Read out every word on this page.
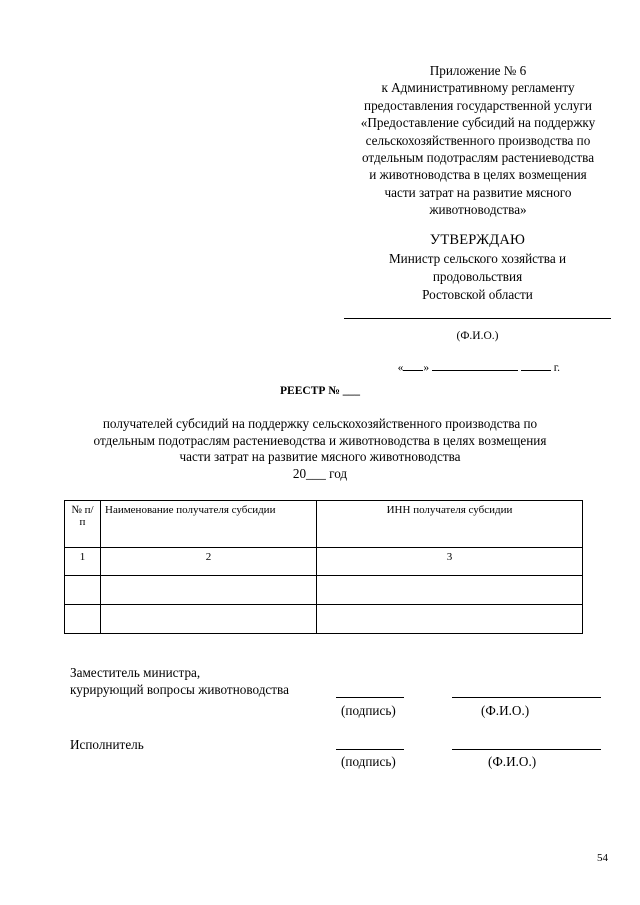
Приложение № 6
к Административному регламенту
предоставления государственной услуги
«Предоставление субсидий на поддержку
сельскохозяйственного производства по
отдельным подотраслям растениеводства
и животноводства в целях возмещения
части затрат на развитие мясного
животноводства»
УТВЕРЖДАЮ
Министр сельского хозяйства и
продовольствия
Ростовской области
(Ф.И.О.)
« »	г.
РЕЕСТР № ___
получателей субсидий на поддержку сельскохозяйственного производства по
отдельным подотраслям растениеводства и животноводства в целях возмещения
части затрат на развитие мясного животноводства
20___ год
№ п/п	Наименование получателя субсидии	ИНН получателя субсидии
1	2	3

Заместитель министра,
курирующий вопросы животноводства
(подпись)	(Ф.И.О.)
Исполнитель
(подпись)	(Ф.И.О.)
54
